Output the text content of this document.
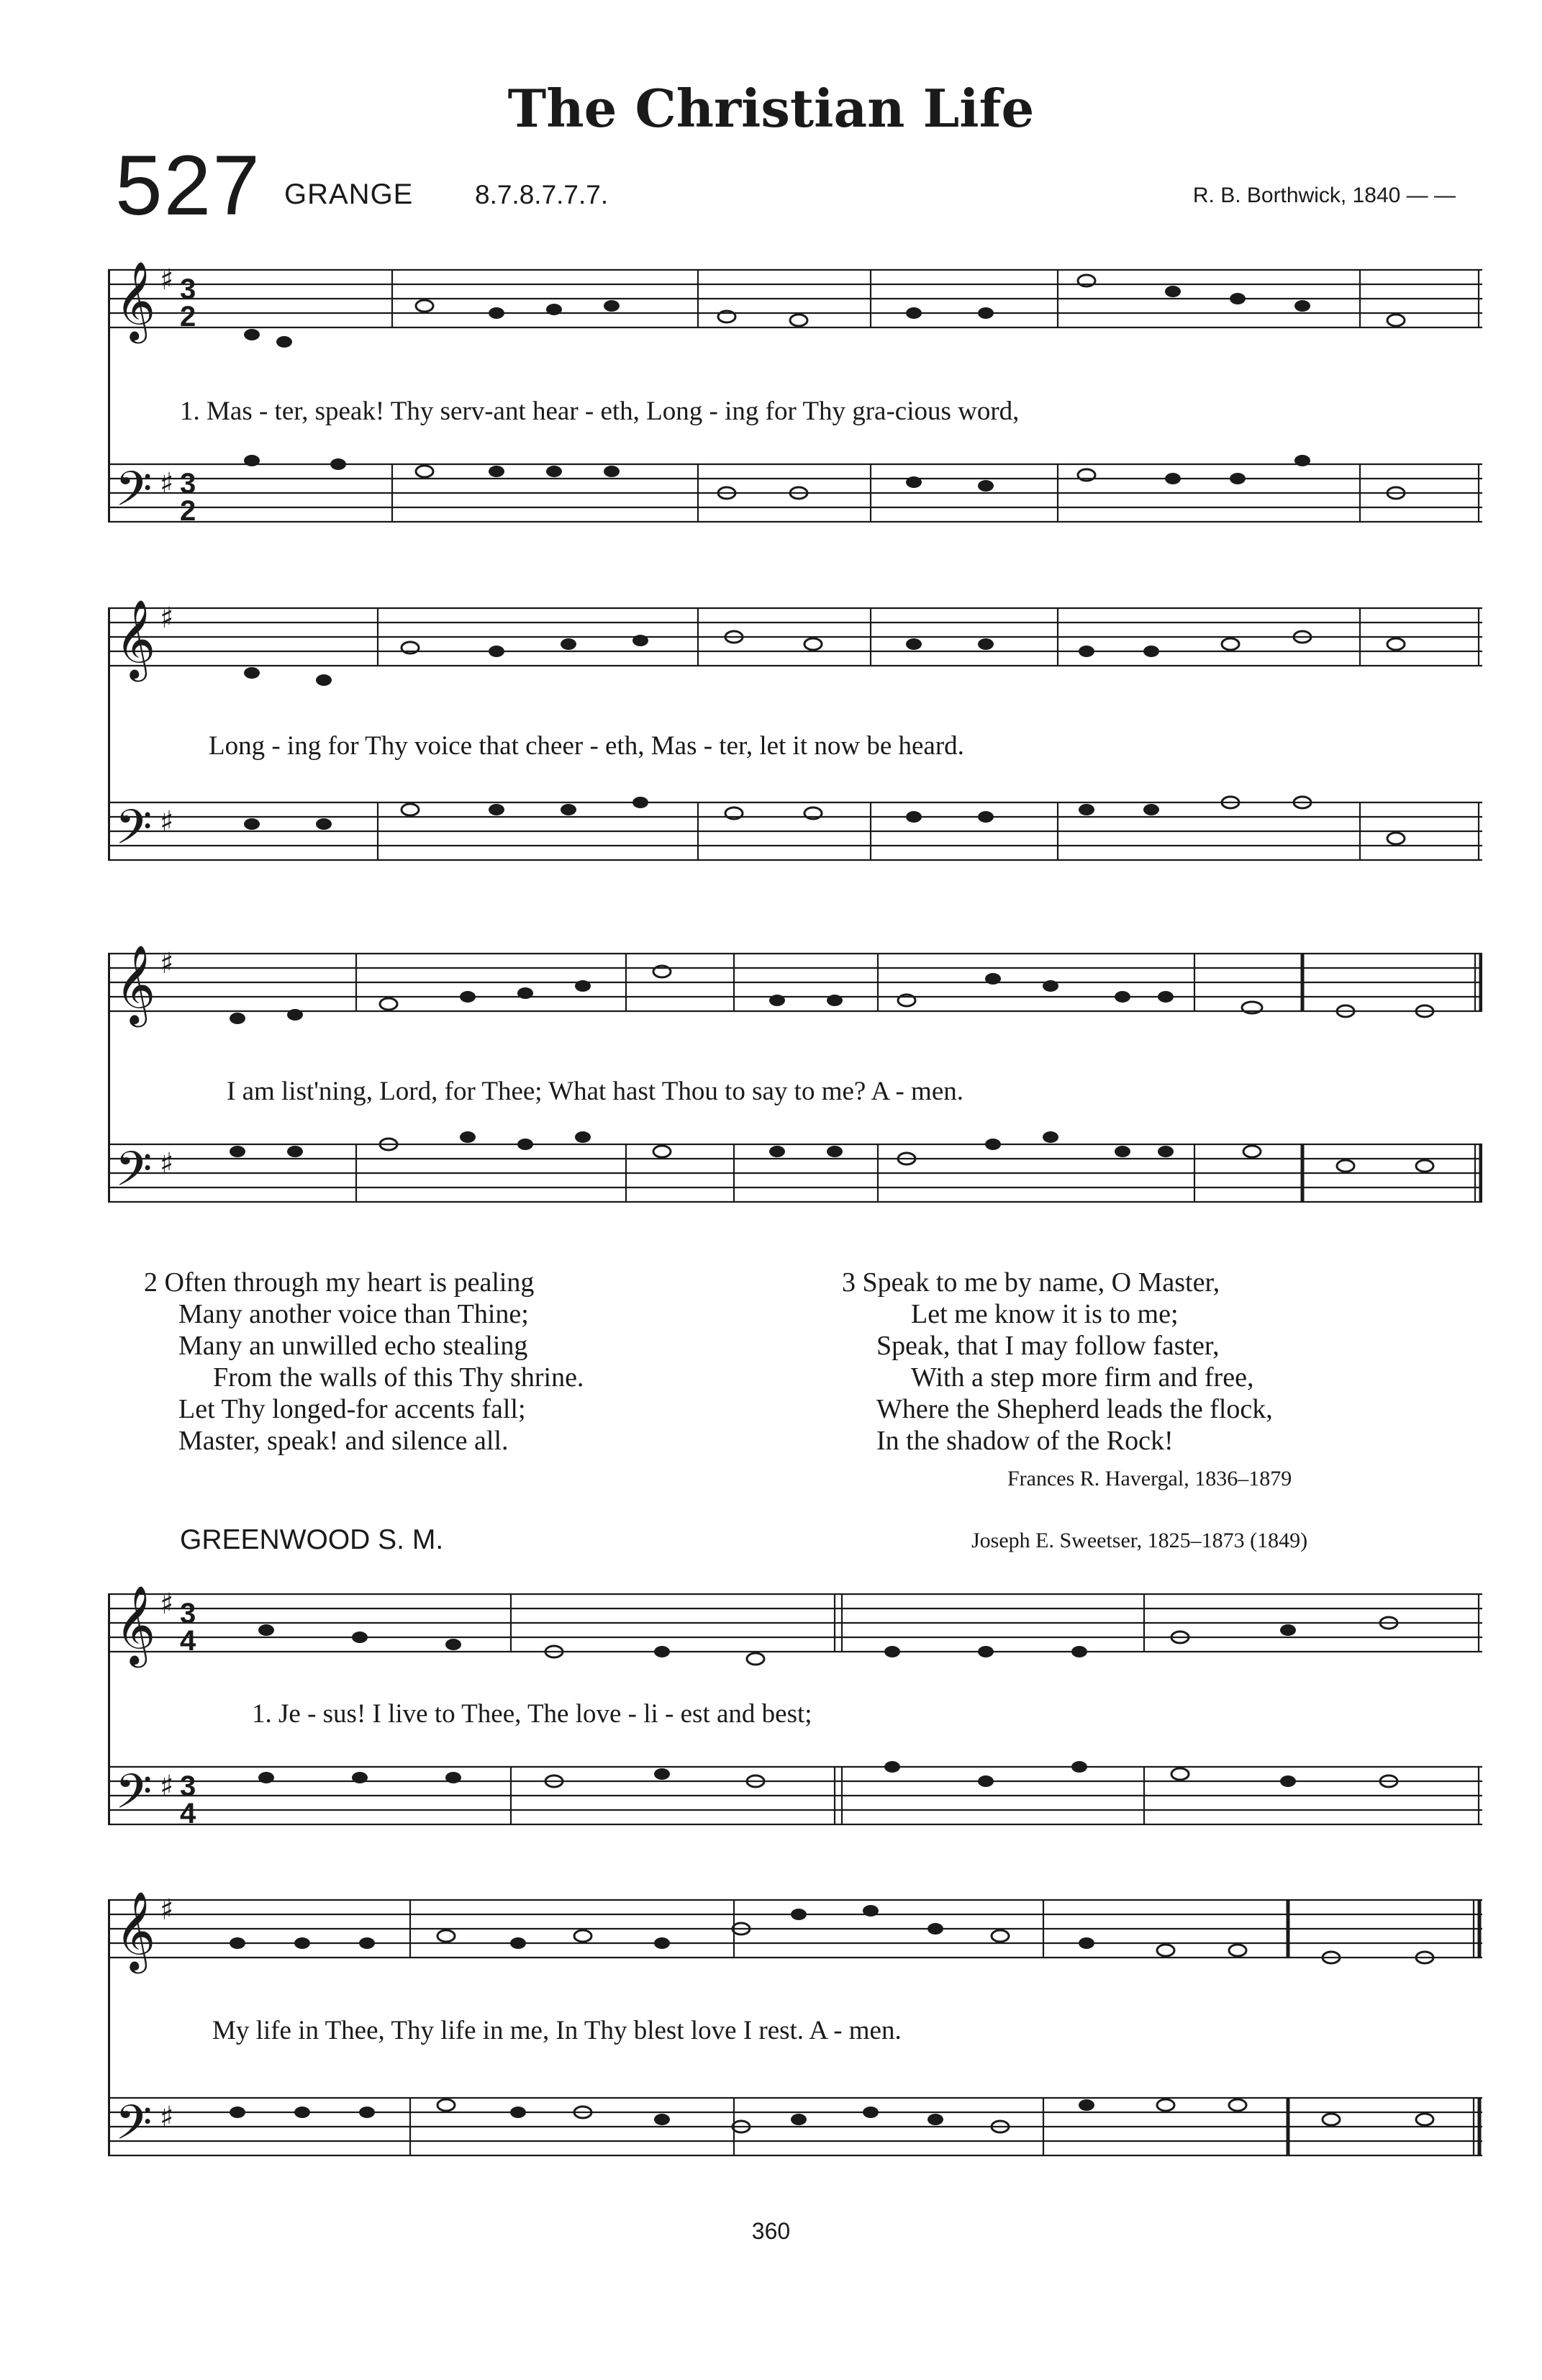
The Christian Life
527 GRANGE 8.7.8.7.7.7.	R. B. Borthwick, 1840 — —
𝄞
𝄢
♯
♯
3
2
3
2
1. Mas - ter, speak! Thy serv-ant hear - eth, Long - ing for Thy gra-cious word,
𝄞
𝄢
♯
♯
Long - ing for Thy voice that cheer - eth, Mas - ter, let it now be heard.
𝄞
𝄢
♯
♯
I am list'ning, Lord, for Thee; What hast Thou to say to me? A - men.
2 Often through my heart is pealing
Many another voice than Thine;
Many an unwilled echo stealing
From the walls of this Thy shrine.
Let Thy longed-for accents fall;
Master, speak! and silence all.
3 Speak to me by name, O Master,
Let me know it is to me;
Speak, that I may follow faster,
With a step more firm and free,
Where the Shepherd leads the flock,
In the shadow of the Rock!
Frances R. Havergal, 1836–1879
GREENWOOD S. M.	Joseph E. Sweetser, 1825–1873 (1849)
𝄞
𝄢
♯
♯
3
4
3
4
1. Je - sus! I live to Thee, The love - li - est and best;
𝄞
𝄢
♯
♯
My life in Thee, Thy life in me, In Thy blest love I rest. A - men.
360
